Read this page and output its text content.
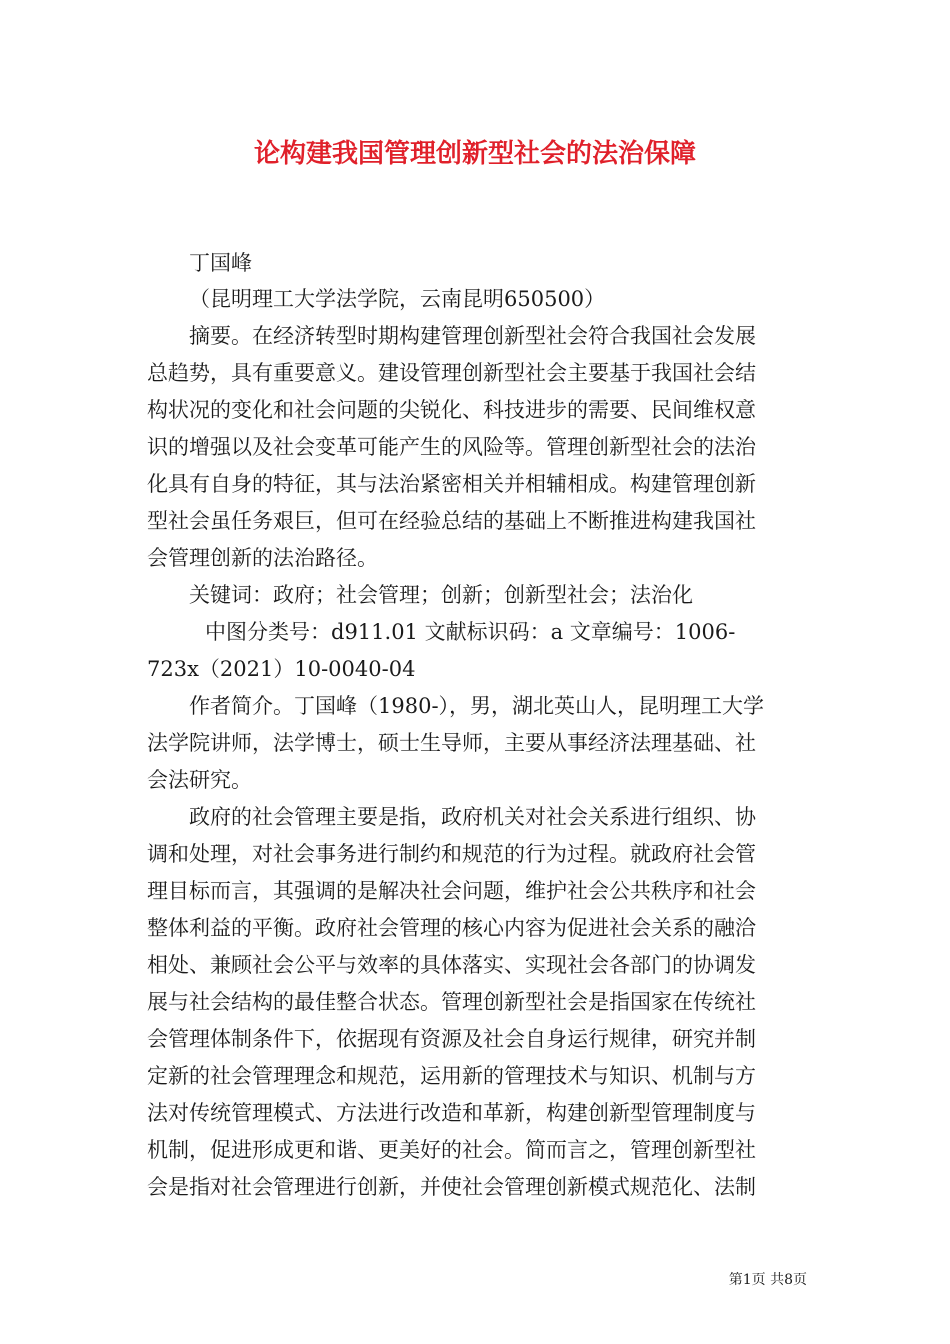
论构建我国管理创新型社会的法治保障
丁国峰
（昆明理工大学法学院，云南昆明650500）
摘要。在经济转型时期构建管理创新型社会符合我国社会发展
总趋势，具有重要意义。建设管理创新型社会主要基于我国社会结
构状况的变化和社会问题的尖锐化、科技进步的需要、民间维权意
识的增强以及社会变革可能产生的风险等。管理创新型社会的法治
化具有自身的特征，其与法治紧密相关并相辅相成。构建管理创新
型社会虽任务艰巨，但可在经验总结的基础上不断推进构建我国社
会管理创新的法治路径。
关键词：政府；社会管理；创新；创新型社会；法治化
中图分类号：d911.01 文献标识码：a 文章编号：1006-
723x（2021）10-0040-04
作者简介。丁国峰（1980-），男，湖北英山人，昆明理工大学
法学院讲师，法学博士，硕士生导师，主要从事经济法理基础、社
会法研究。
政府的社会管理主要是指，政府机关对社会关系进行组织、协
调和处理，对社会事务进行制约和规范的行为过程。就政府社会管
理目标而言，其强调的是解决社会问题，维护社会公共秩序和社会
整体利益的平衡。政府社会管理的核心内容为促进社会关系的融洽
相处、兼顾社会公平与效率的具体落实、实现社会各部门的协调发
展与社会结构的最佳整合状态。管理创新型社会是指国家在传统社
会管理体制条件下，依据现有资源及社会自身运行规律，研究并制
定新的社会管理理念和规范，运用新的管理技术与知识、机制与方
法对传统管理模式、方法进行改造和革新，构建创新型管理制度与
机制，促进形成更和谐、更美好的社会。简而言之，管理创新型社
会是指对社会管理进行创新，并使社会管理创新模式规范化、法制
第1页 共8页
